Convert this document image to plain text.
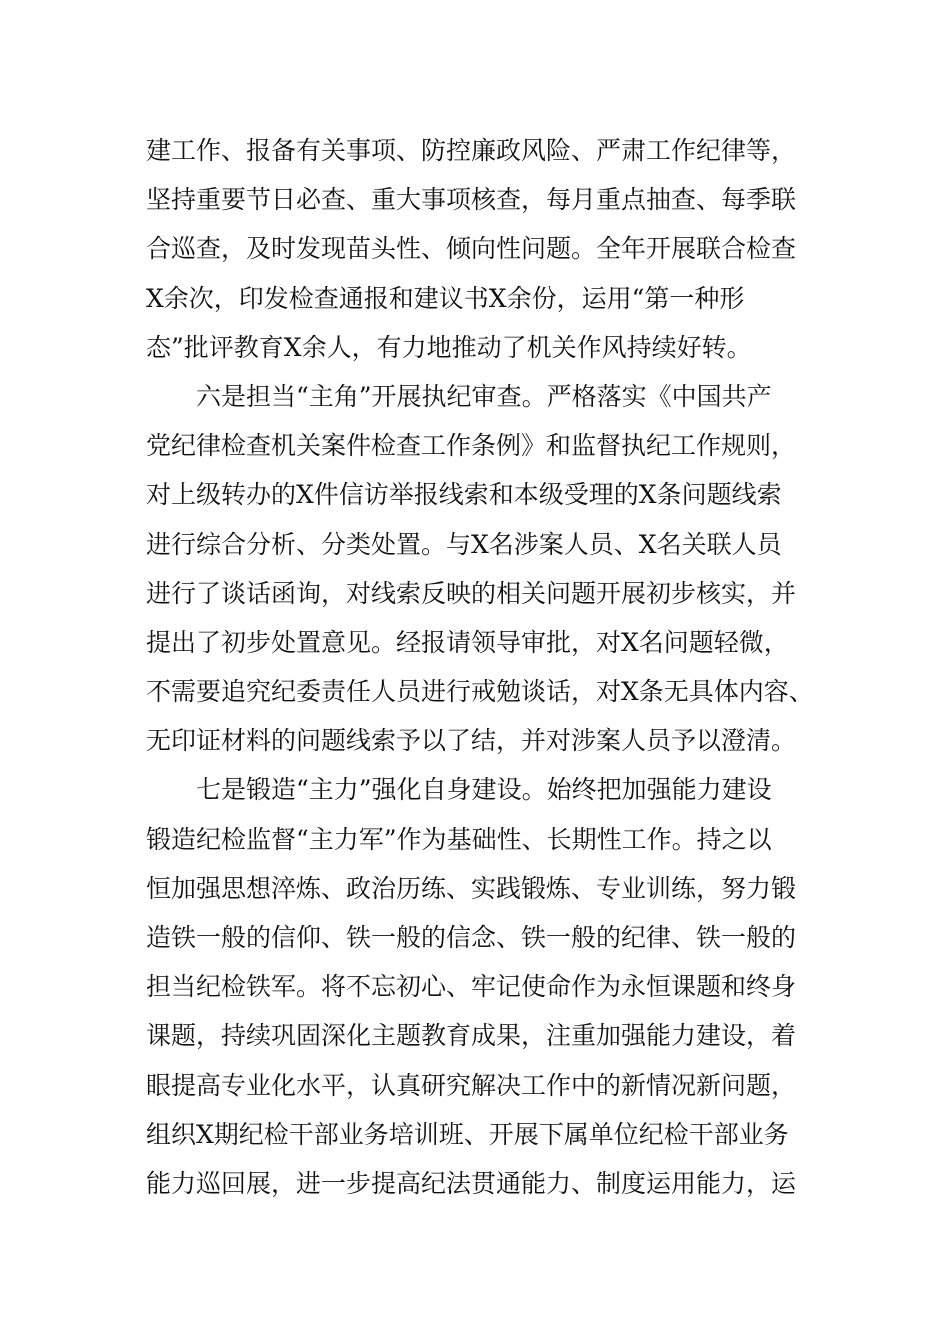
建工作、报备有关事项、防控廉政风险、严肃工作纪律等，
坚持重要节日必查、重大事项核查，每月重点抽查、每季联
合巡查，及时发现苗头性、倾向性问题。全年开展联合检查
X余次，印发检查通报和建议书X余份，运用“第一种形
态”批评教育X余人，有力地推动了机关作风持续好转。
六是担当“主角”开展执纪审查。严格落实《中国共产
党纪律检查机关案件检查工作条例》和监督执纪工作规则，
对上级转办的X件信访举报线索和本级受理的X条问题线索
进行综合分析、分类处置。与X名涉案人员、X名关联人员
进行了谈话函询，对线索反映的相关问题开展初步核实，并
提出了初步处置意见。经报请领导审批，对X名问题轻微，
不需要追究纪委责任人员进行戒勉谈话，对X条无具体内容、
无印证材料的问题线索予以了结，并对涉案人员予以澄清。
七是锻造“主力”强化自身建设。始终把加强能力建设
锻造纪检监督“主力军”作为基础性、长期性工作。持之以
恒加强思想淬炼、政治历练、实践锻炼、专业训练，努力锻
造铁一般的信仰、铁一般的信念、铁一般的纪律、铁一般的
担当纪检铁军。将不忘初心、牢记使命作为永恒课题和终身
课题，持续巩固深化主题教育成果，注重加强能力建设，着
眼提高专业化水平，认真研究解决工作中的新情况新问题，
组织X期纪检干部业务培训班、开展下属单位纪检干部业务
能力巡回展，进一步提高纪法贯通能力、制度运用能力，运
